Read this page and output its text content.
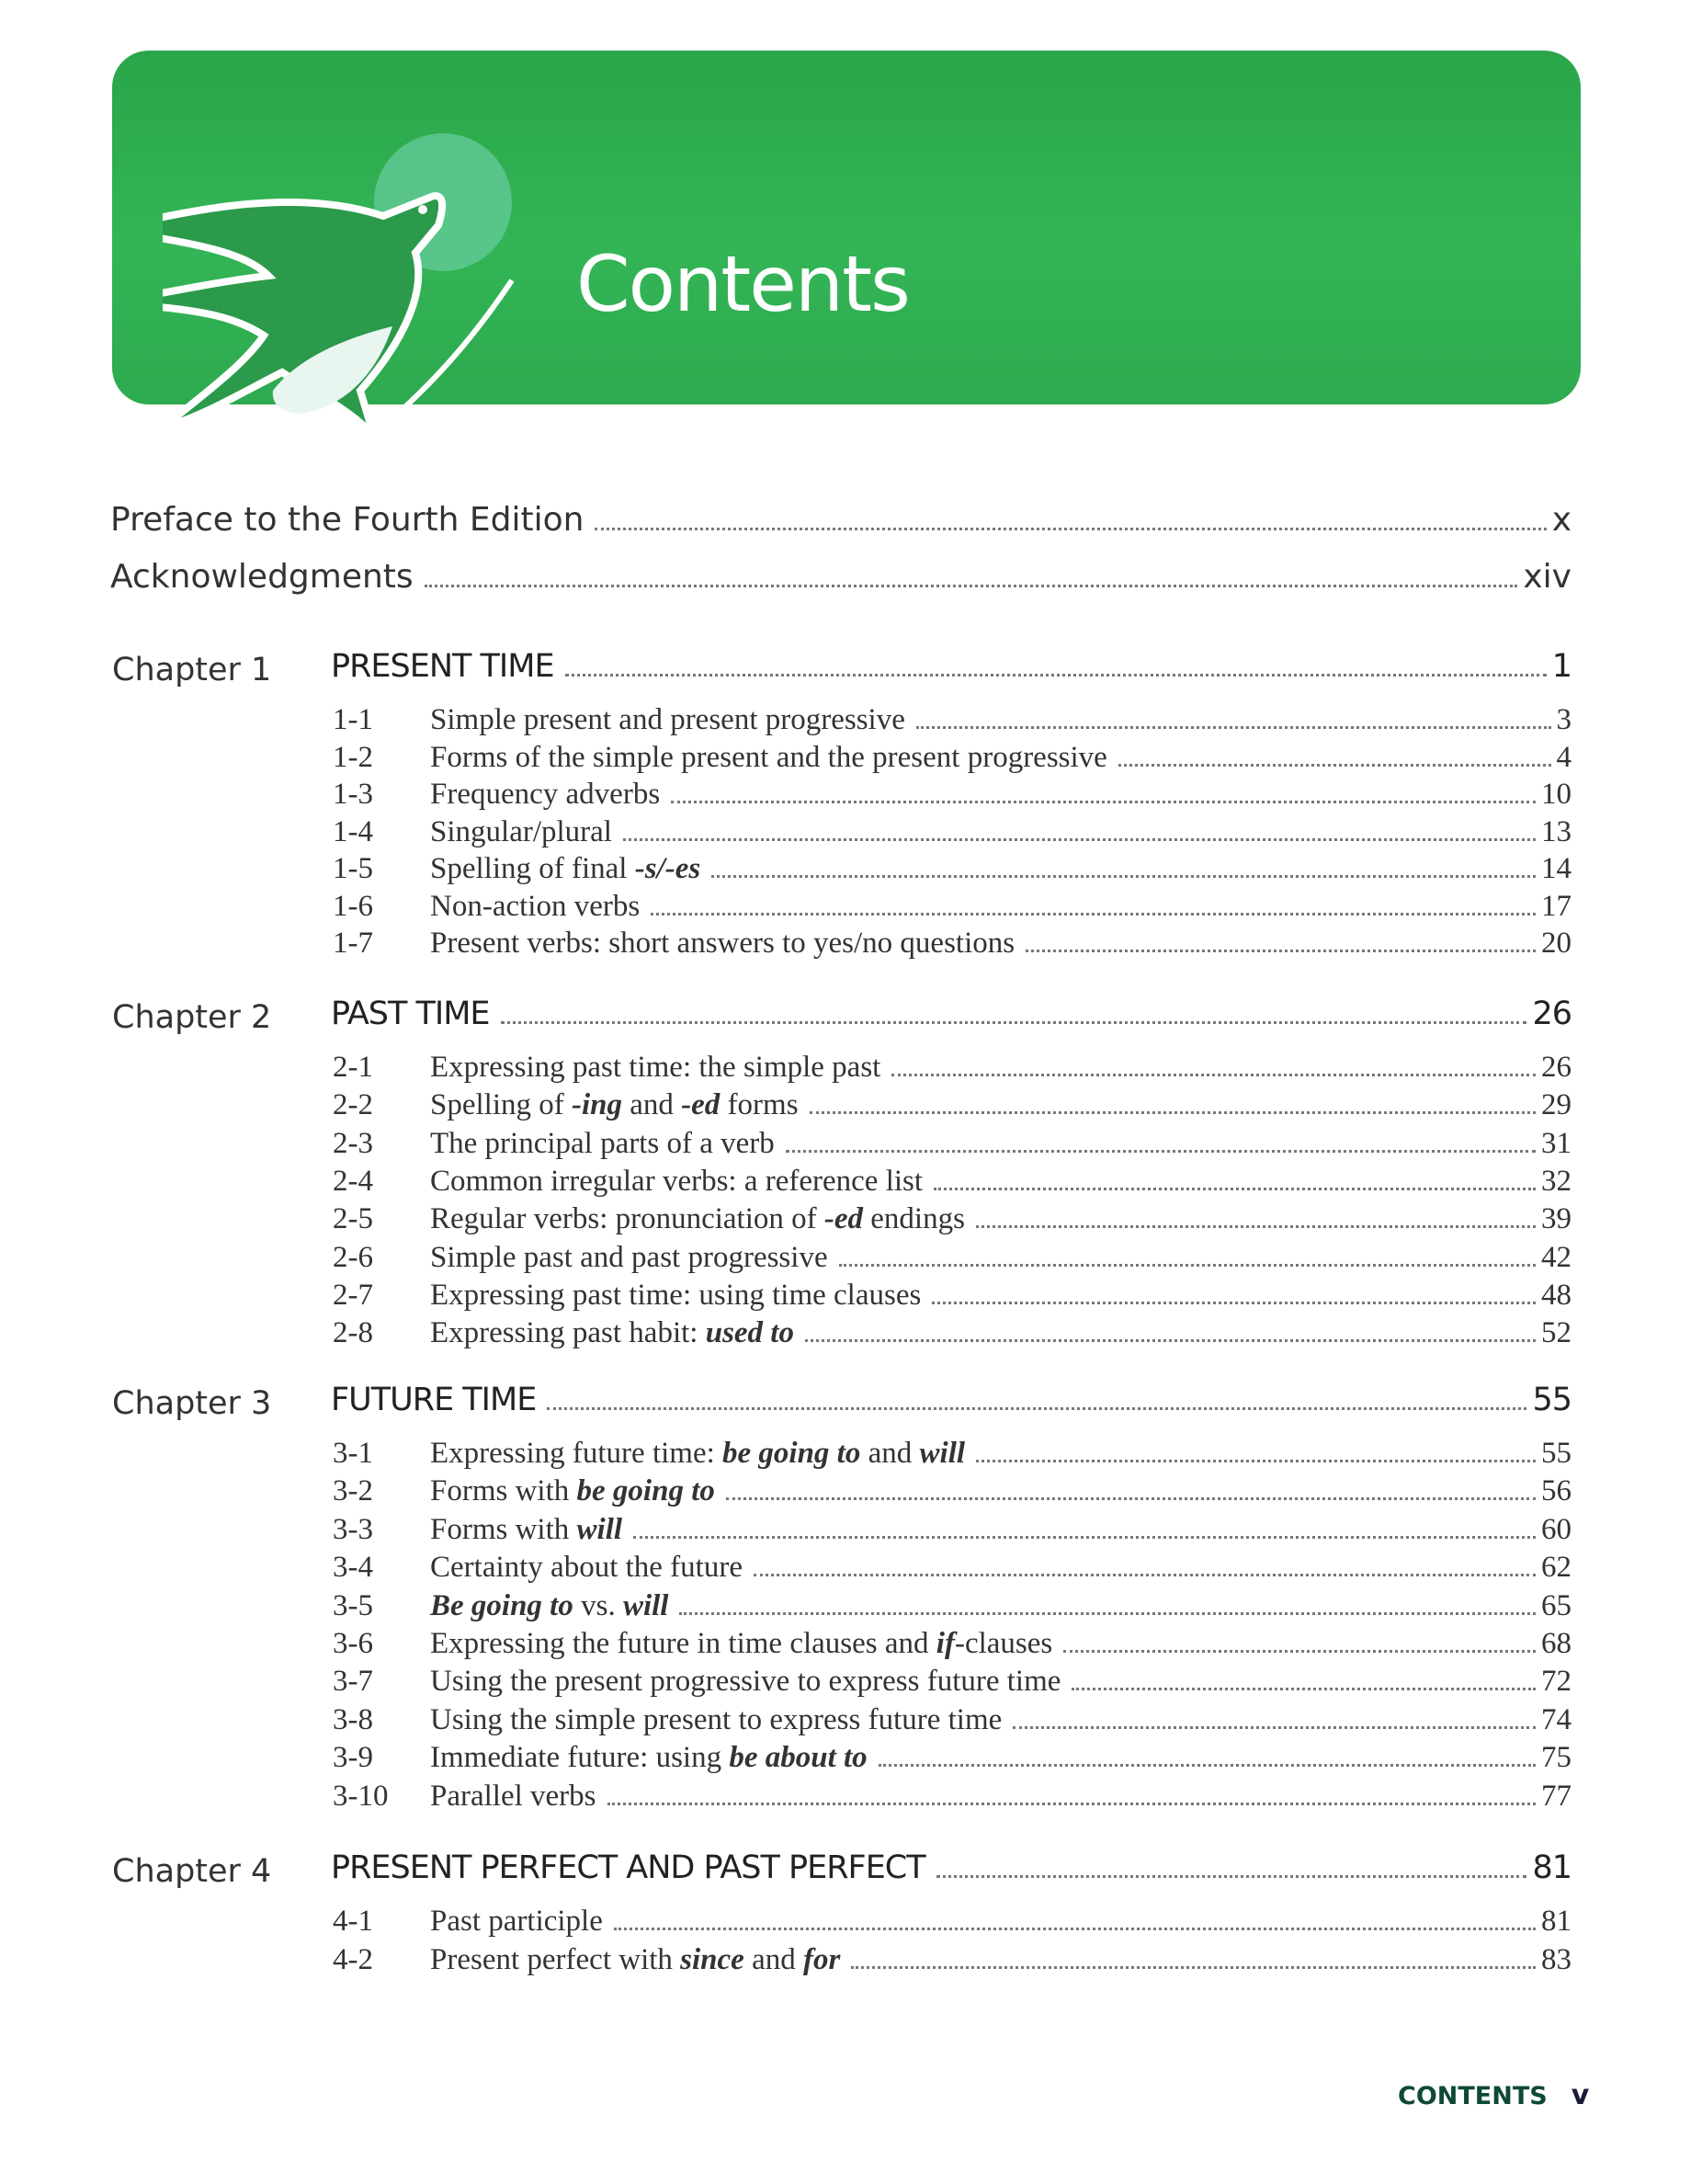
Contents
Preface to the Fourth Edition	x
Acknowledgments	xiv
Chapter 1 PRESENT TIME	1
1-1	Simple present and present progressive	3
1-2	Forms of the simple present and the present progressive	4
1-3	Frequency adverbs	10
1-4	Singular/plural	13
1-5	Spelling of final -s/-es	14
1-6	Non-action verbs	17
1-7	Present verbs: short answers to yes/no questions	20
Chapter 2 PAST TIME	26
2-1	Expressing past time: the simple past	26
2-2	Spelling of -ing and -ed forms	29
2-3	The principal parts of a verb	31
2-4	Common irregular verbs: a reference list	32
2-5	Regular verbs: pronunciation of -ed endings	39
2-6	Simple past and past progressive	42
2-7	Expressing past time: using time clauses	48
2-8	Expressing past habit: used to	52
Chapter 3 FUTURE TIME	55
3-1	Expressing future time: be going to and will	55
3-2	Forms with be going to	56
3-3	Forms with will	60
3-4	Certainty about the future	62
3-5	Be going to vs. will	65
3-6	Expressing the future in time clauses and if-clauses	68
3-7	Using the present progressive to express future time	72
3-8	Using the simple present to express future time	74
3-9	Immediate future: using be about to	75
3-10	Parallel verbs	77
Chapter 4 PRESENT PERFECT AND PAST PERFECT	81
4-1	Past participle	81
4-2	Present perfect with since and for	83
CONTENTS v
